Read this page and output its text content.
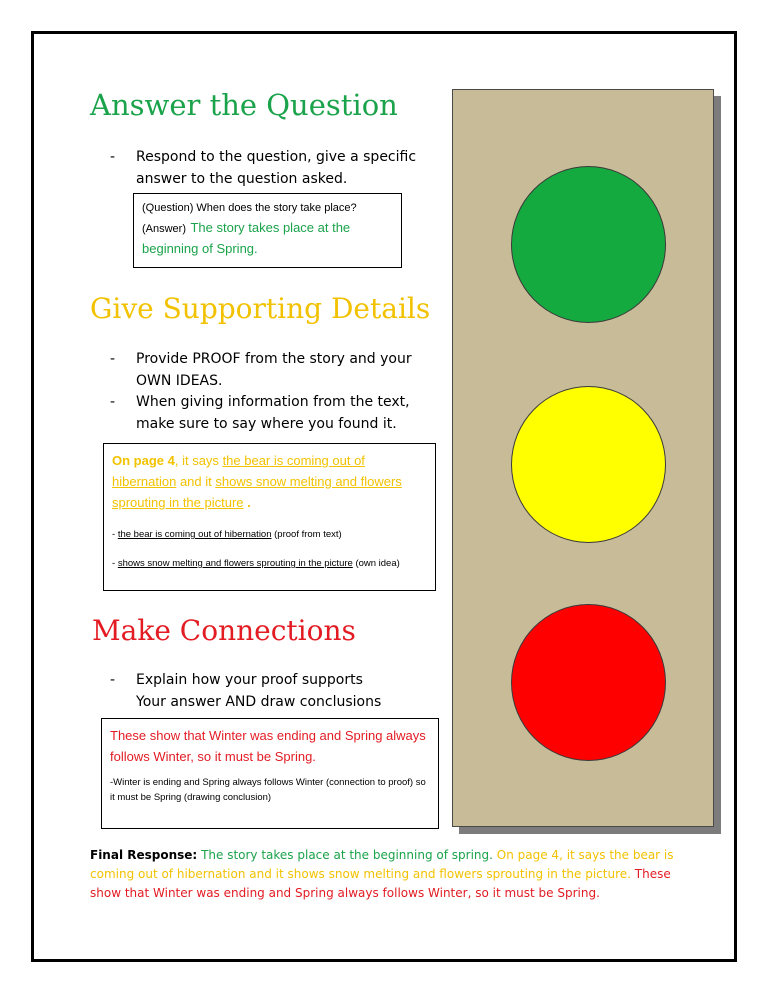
Answer the Question
- Respond to the question, give a specific
answer to the question asked.
(Question) When does the story take place?
(Answer) The story takes place at the beginning of Spring.
Give Supporting Details
- Provide PROOF from the story and your
OWN IDEAS.
- When giving information from the text,
make sure to say where you found it.
On page 4, it says the bear is coming out of hibernation and it shows snow melting and flowers sprouting in the picture .
- the bear is coming out of hibernation (proof from text)
- shows snow melting and flowers sprouting in the picture (own idea)
Make Connections
- Explain how your proof supports
Your answer AND draw conclusions
These show that Winter was ending and Spring always follows Winter, so it must be Spring.
-Winter is ending and Spring always follows Winter (connection to proof) so it must be Spring (drawing conclusion)
Final Response: The story takes place at the beginning of spring. On page 4, it says the bear is coming out of hibernation and it shows snow melting and flowers sprouting in the picture. These show that Winter was ending and Spring always follows Winter, so it must be Spring.
